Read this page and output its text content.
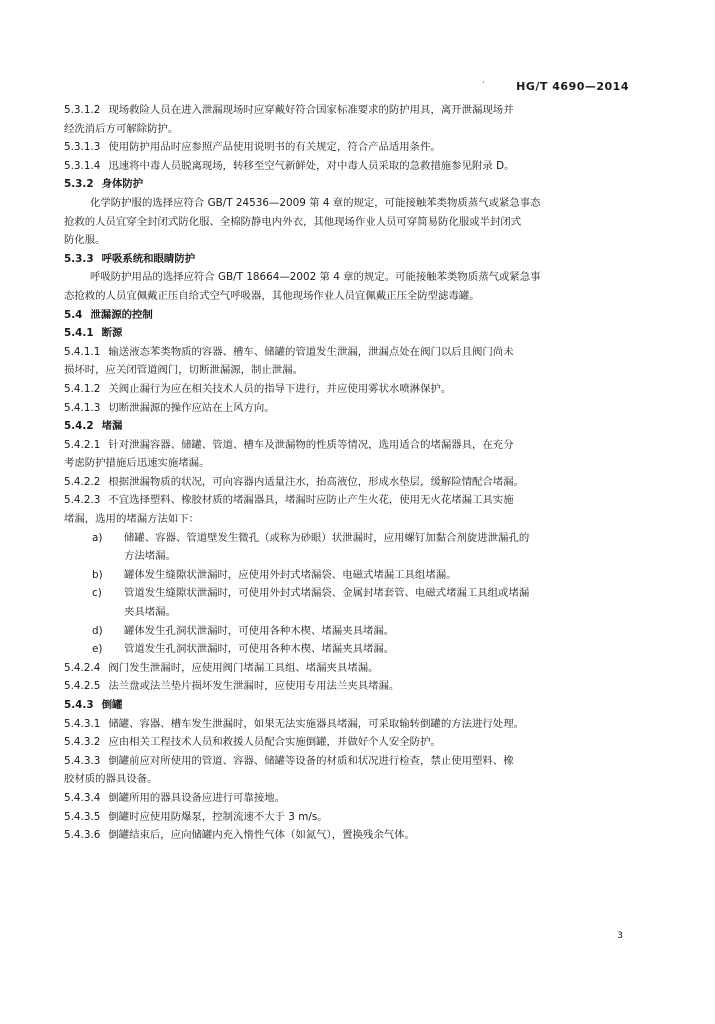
·	HG/T 4690—2014
5.3.1.2 现场救险人员在进入泄漏现场时应穿戴好符合国家标准要求的防护用具，离开泄漏现场并
经洗消后方可解除防护。
5.3.1.3 使用防护用品时应参照产品使用说明书的有关规定，符合产品适用条件。
5.3.1.4 迅速将中毒人员脱离现场，转移至空气新鲜处，对中毒人员采取的急救措施参见附录 D。
5.3.2 身体防护
化学防护服的选择应符合 GB/T 24536—2009 第 4 章的规定，可能接触苯类物质蒸气或紧急事态
抢救的人员宜穿全封闭式防化服、全棉防静电内外衣，其他现场作业人员可穿简易防化服或半封闭式
防化服。
5.3.3 呼吸系统和眼睛防护
呼吸防护用品的选择应符合 GB/T 18664—2002 第 4 章的规定。可能接触苯类物质蒸气或紧急事
态抢救的人员宜佩戴正压自给式空气呼吸器，其他现场作业人员宜佩戴正压全防型滤毒罐。
5.4 泄漏源的控制
5.4.1 断源
5.4.1.1 输送液态苯类物质的容器、槽车、储罐的管道发生泄漏，泄漏点处在阀门以后且阀门尚未
损坏时，应关闭管道阀门，切断泄漏源，制止泄漏。
5.4.1.2 关阀止漏行为应在相关技术人员的指导下进行，并应使用雾状水喷淋保护。
5.4.1.3 切断泄漏源的操作应站在上风方向。
5.4.2 堵漏
5.4.2.1 针对泄漏容器、储罐、管道、槽车及泄漏物的性质等情况，选用适合的堵漏器具，在充分
考虑防护措施后迅速实施堵漏。
5.4.2.2 根据泄漏物质的状况，可向容器内适量注水，抬高液位，形成水垫层，缓解险情配合堵漏。
5.4.2.3 不宜选择塑料、橡胶材质的堵漏器具，堵漏时应防止产生火花，使用无火花堵漏工具实施
堵漏，选用的堵漏方法如下：
a)	储罐、容器、管道壁发生微孔（或称为砂眼）状泄漏时，应用螺钉加黏合剂旋进泄漏孔的
方法堵漏。
b)	罐体发生缝隙状泄漏时，应使用外封式堵漏袋、电磁式堵漏工具组堵漏。
c)	管道发生缝隙状泄漏时，可使用外封式堵漏袋、金属封堵套管、电磁式堵漏工具组或堵漏
夹具堵漏。
d)	罐体发生孔洞状泄漏时，可使用各种木楔、堵漏夹具堵漏。
e)	管道发生孔洞状泄漏时，可使用各种木楔、堵漏夹具堵漏。
5.4.2.4 阀门发生泄漏时，应使用阀门堵漏工具组、堵漏夹具堵漏。
5.4.2.5 法兰盘或法兰垫片损坏发生泄漏时，应使用专用法兰夹具堵漏。
5.4.3 倒罐
5.4.3.1 储罐、容器、槽车发生泄漏时，如果无法实施器具堵漏，可采取输转倒罐的方法进行处理。
5.4.3.2 应由相关工程技术人员和救援人员配合实施倒罐，并做好个人安全防护。
5.4.3.3 倒罐前应对所使用的管道、容器、储罐等设备的材质和状况进行检查，禁止使用塑料、橡
胶材质的器具设备。
5.4.3.4 倒罐所用的器具设备应进行可靠接地。
5.4.3.5 倒罐时应使用防爆泵，控制流速不大于 3 m/s。
5.4.3.6 倒罐结束后，应向储罐内充入惰性气体（如氮气），置换残余气体。
3
